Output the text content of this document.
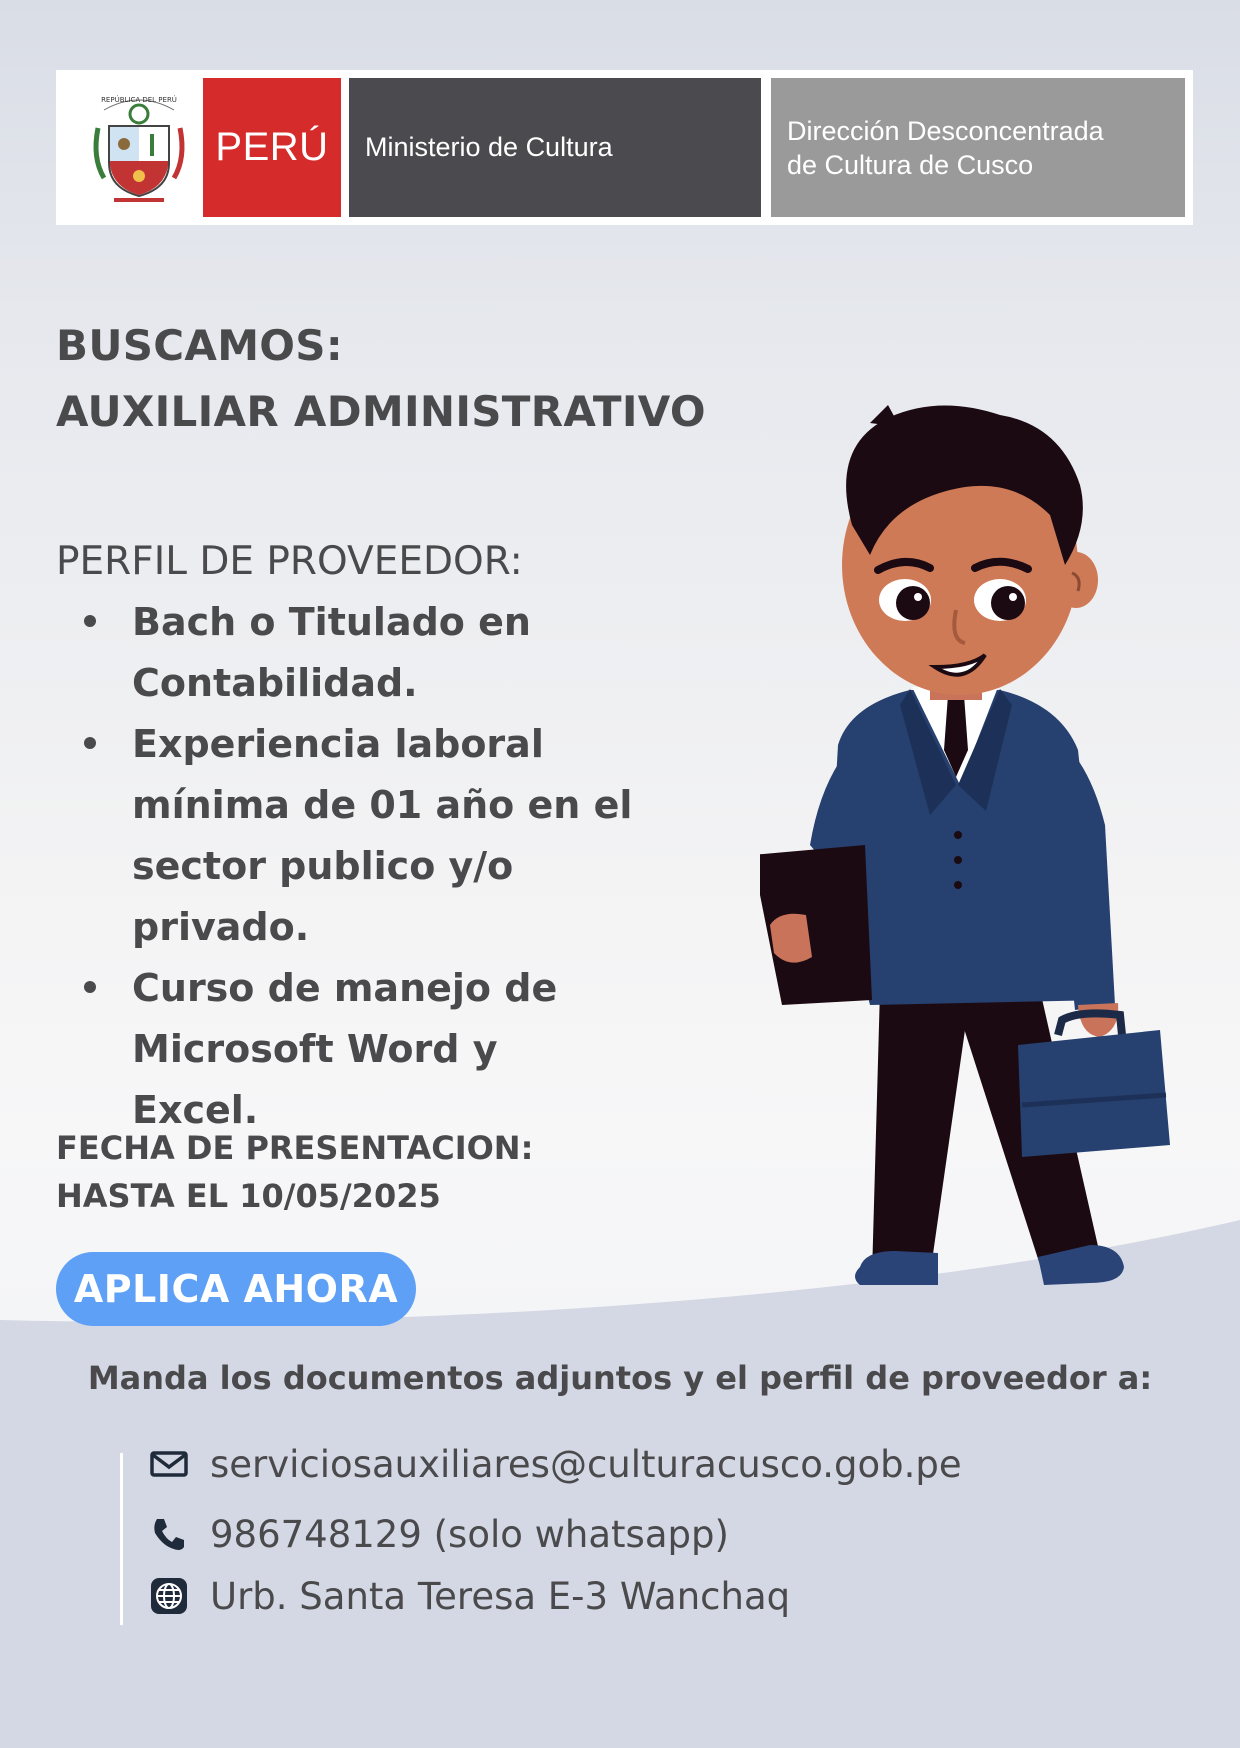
REPÚBLICA DEL PERÚ
PERÚ Ministerio de Cultura
Dirección Desconcentrada
de Cultura de Cusco
BUSCAMOS:
AUXILIAR ADMINISTRATIVO
PERFIL DE PROVEEDOR:
Bach o Titulado en Contabilidad.
Experiencia laboral mínima de 01 año en el sector publico y/o privado.
Curso de manejo de Microsoft Word y Excel.
FECHA DE PRESENTACION:
HASTA EL 10/05/2025
APLICA AHORA
Manda los documentos adjuntos y el perfil de proveedor a:
serviciosauxiliares@culturacusco.gob.pe
986748129 (solo whatsapp)
Urb. Santa Teresa E-3 Wanchaq
